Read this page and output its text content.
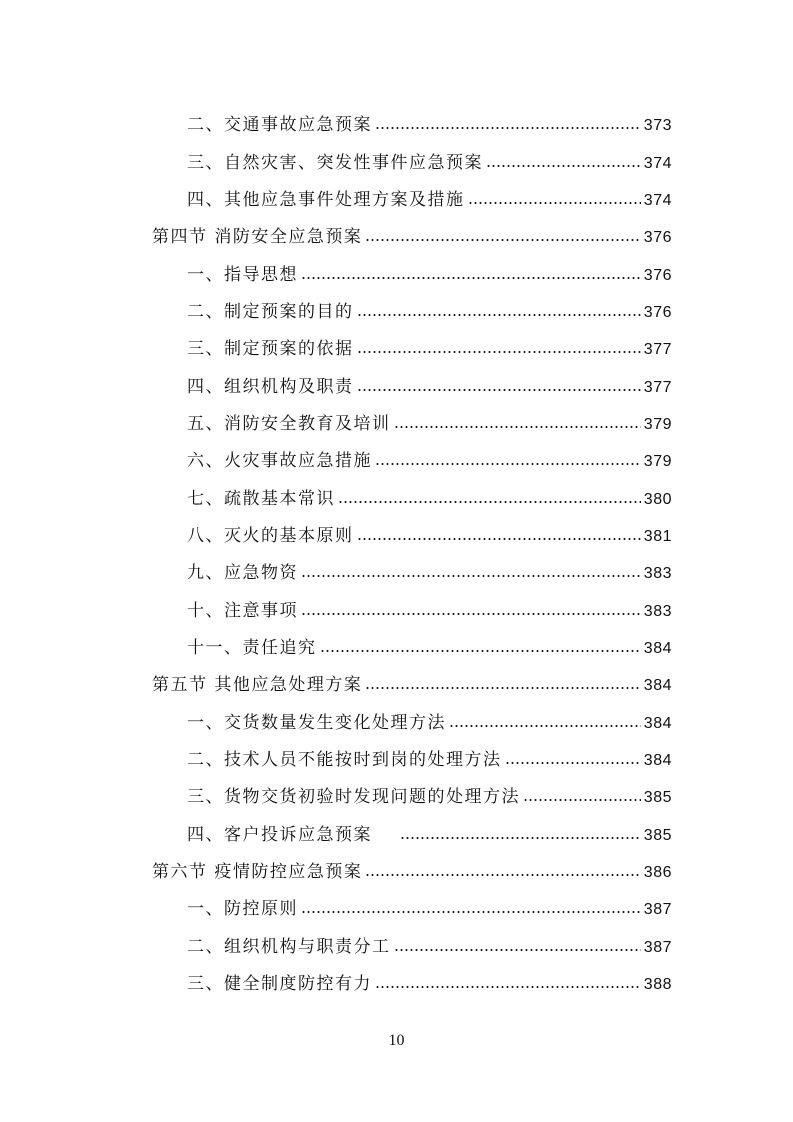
二、交通事故应急预案	373
三、自然灾害、突发性事件应急预案	374
四、其他应急事件处理方案及措施	374
第四节 消防安全应急预案	376
一、指导思想	376
二、制定预案的目的	376
三、制定预案的依据	377
四、组织机构及职责	377
五、消防安全教育及培训	379
六、火灾事故应急措施	379
七、疏散基本常识	380
八、灭火的基本原则	381
九、应急物资	383
十、注意事项	383
十一、责任追究	384
第五节 其他应急处理方案	384
一、交货数量发生变化处理方法	384
二、技术人员不能按时到岗的处理方法	384
三、货物交货初验时发现问题的处理方法	385
四、客户投诉应急预案	385
第六节 疫情防控应急预案	386
一、防控原则	387
二、组织机构与职责分工	387
三、健全制度防控有力	388
10
